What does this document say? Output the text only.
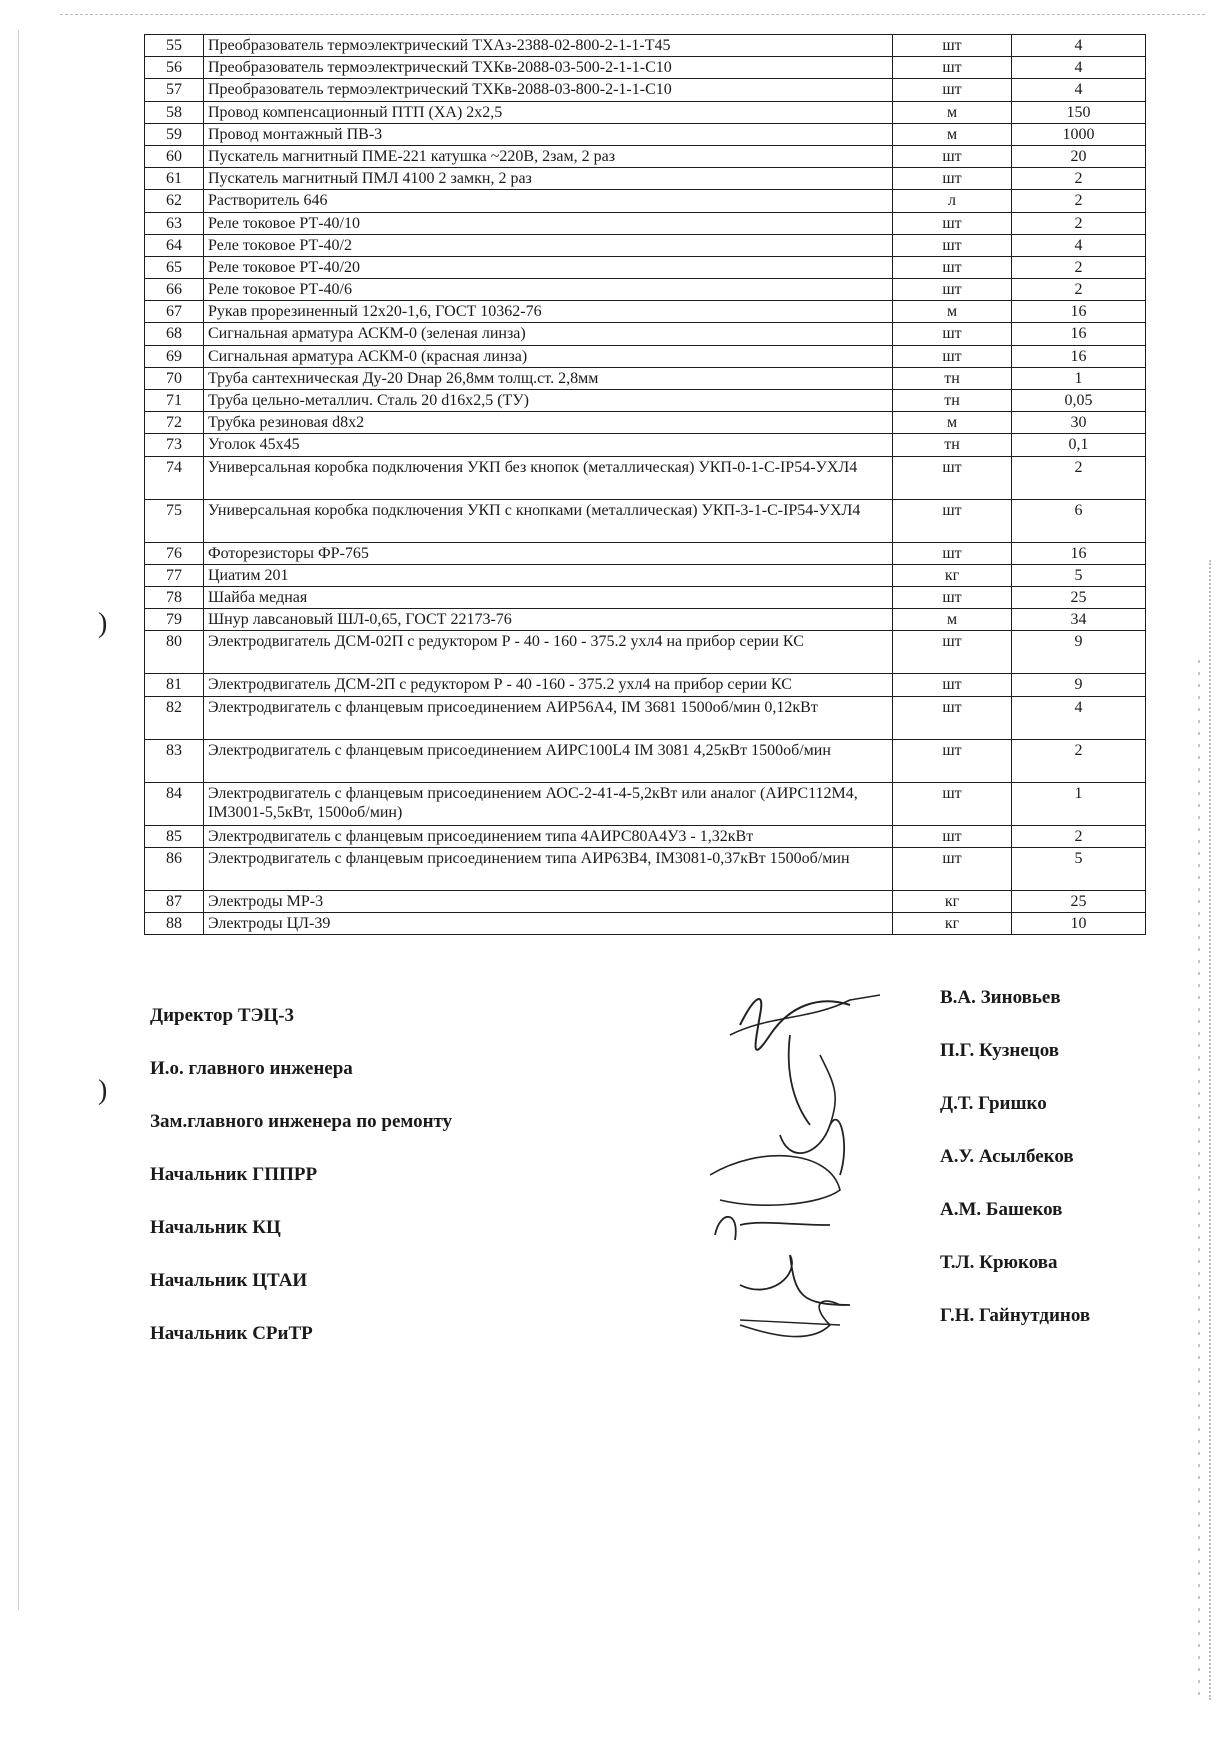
)
)
55	Преобразователь термоэлектрический ТХАз-2388-02-800-2-1-1-Т45	шт	4
56	Преобразователь термоэлектрический ТХКв-2088-03-500-2-1-1-С10	шт	4
57	Преобразователь термоэлектрический ТХКв-2088-03-800-2-1-1-С10	шт	4
58	Провод компенсационный ПТП (ХА) 2х2,5	м	150
59	Провод монтажный ПВ-3	м	1000
60	Пускатель магнитный ПМЕ-221 катушка ~220В, 2зам, 2 раз	шт	20
61	Пускатель магнитный ПМЛ 4100 2 замкн, 2 раз	шт	2
62	Растворитель 646	л	2
63	Реле токовое РТ-40/10	шт	2
64	Реле токовое РТ-40/2	шт	4
65	Реле токовое РТ-40/20	шт	2
66	Реле токовое РТ-40/6	шт	2
67	Рукав прорезиненный 12х20-1,6, ГОСТ 10362-76	м	16
68	Сигнальная арматура АСКМ-0 (зеленая линза)	шт	16
69	Сигнальная арматура АСКМ-0 (красная линза)	шт	16
70	Труба сантехническая Ду-20 Dнар 26,8мм толщ.ст. 2,8мм	тн	1
71	Труба цельно-металлич. Сталь 20 d16х2,5 (ТУ)	тн	0,05
72	Трубка резиновая d8х2	м	30
73	Уголок 45х45	тн	0,1
74	Универсальная коробка подключения УКП без кнопок (металлическая) УКП-0-1-С-IP54-УХЛ4	шт	2
75	Универсальная коробка подключения УКП с кнопками (металлическая) УКП-3-1-С-IP54-УХЛ4	шт	6
76	Фоторезисторы ФР-765	шт	16
77	Циатим 201	кг	5
78	Шайба медная	шт	25
79	Шнур лавсановый ШЛ-0,65, ГОСТ 22173-76	м	34
80	Электродвигатель ДСМ-02П с редуктором Р - 40 - 160 - 375.2 ухл4 на прибор серии КС	шт	9
81	Электродвигатель ДСМ-2П с редуктором Р - 40 -160 - 375.2 ухл4 на прибор серии КС	шт	9
82	Электродвигатель с фланцевым присоединением АИР56А4, IM 3681 1500об/мин 0,12кВт	шт	4
83	Электродвигатель с фланцевым присоединением АИРС100L4 IM 3081 4,25кВт 1500об/мин	шт	2
84	Электродвигатель с фланцевым присоединением АОС-2-41-4-5,2кВт или аналог (АИРС112М4, IM3001-5,5кВт, 1500об/мин)	шт	1
85	Электродвигатель с фланцевым присоединением типа 4АИРС80А4У3 - 1,32кВт	шт	2
86	Электродвигатель с фланцевым присоединением типа АИР63В4, IM3081-0,37кВт 1500об/мин	шт	5
87	Электроды МР-3	кг	25
88	Электроды ЦЛ-39	кг	10
Директор ТЭЦ-3
В.А. Зиновьев
И.о. главного инженера
П.Г. Кузнецов
Зам.главного инженера по ремонту
Д.Т. Гришко
Начальник ГППРР
А.У. Асылбеков
Начальник КЦ
А.М. Башеков
Начальник ЦТАИ
Т.Л. Крюкова
Начальник СРиТР
Г.Н. Гайнутдинов
